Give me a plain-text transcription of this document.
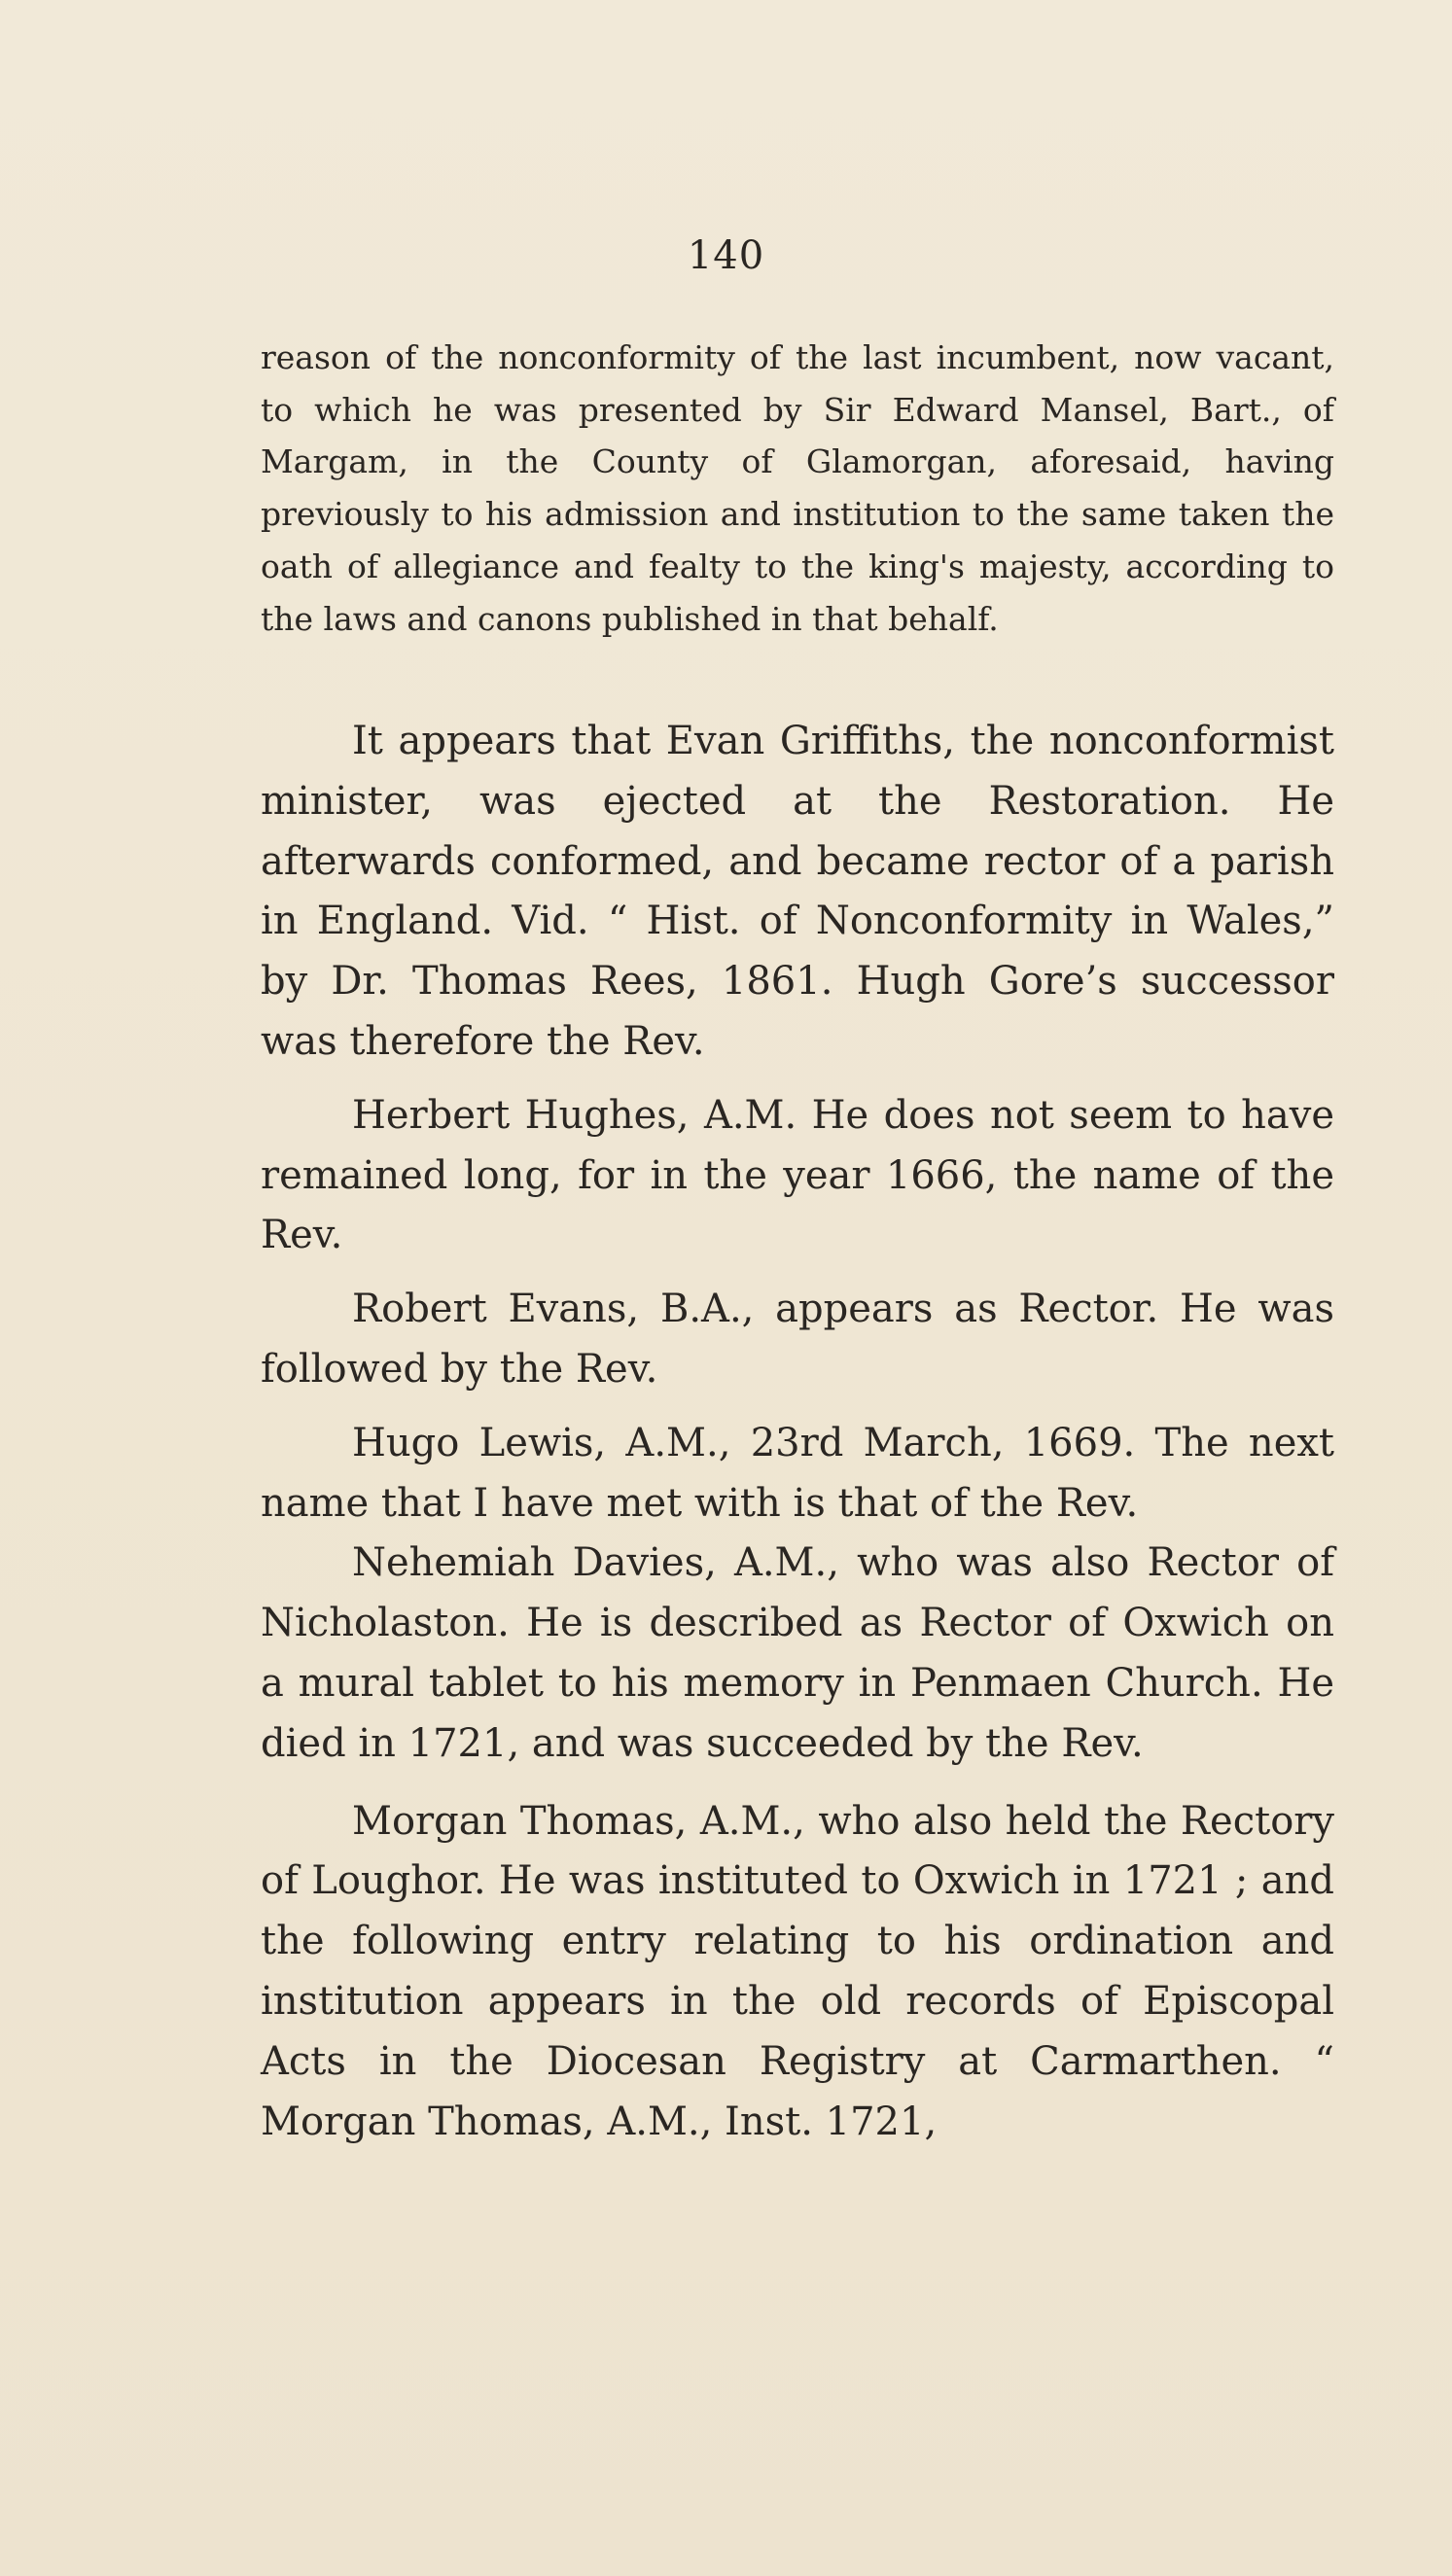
140

reason of the nonconformity of the last incumbent, now vacant, to which he was presented by Sir Edward Mansel, Bart., of Margam, in the County of Glamorgan, aforesaid, having previously to his admission and institution to the same taken the oath of allegiance and fealty to the king's majesty, according to the laws and canons published in that behalf.

It appears that Evan Griffiths, the nonconformist minister, was ejected at the Restoration. He afterwards conformed, and became rector of a parish in England. Vid. “ Hist. of Nonconformity in Wales,” by Dr. Thomas Rees, 1861. Hugh Gore’s successor was therefore the Rev.

Herbert Hughes, A.M. He does not seem to have remained long, for in the year 1666, the name of the Rev.

Robert Evans, B.A., appears as Rector. He was followed by the Rev.

Hugo Lewis, A.M., 23rd March, 1669. The next name that I have met with is that of the Rev.

Nehemiah Davies, A.M., who was also Rector of Nicholaston. He is described as Rector of Oxwich on a mural tablet to his memory in Penmaen Church. He died in 1721, and was succeeded by the Rev.

Morgan Thomas, A.M., who also held the Rectory of Loughor. He was instituted to Oxwich in 1721 ; and the following entry relating to his ordination and institution appears in the old records of Episcopal Acts in the Diocesan Registry at Carmarthen. “ Morgan Thomas, A.M., Inst. 1721,
